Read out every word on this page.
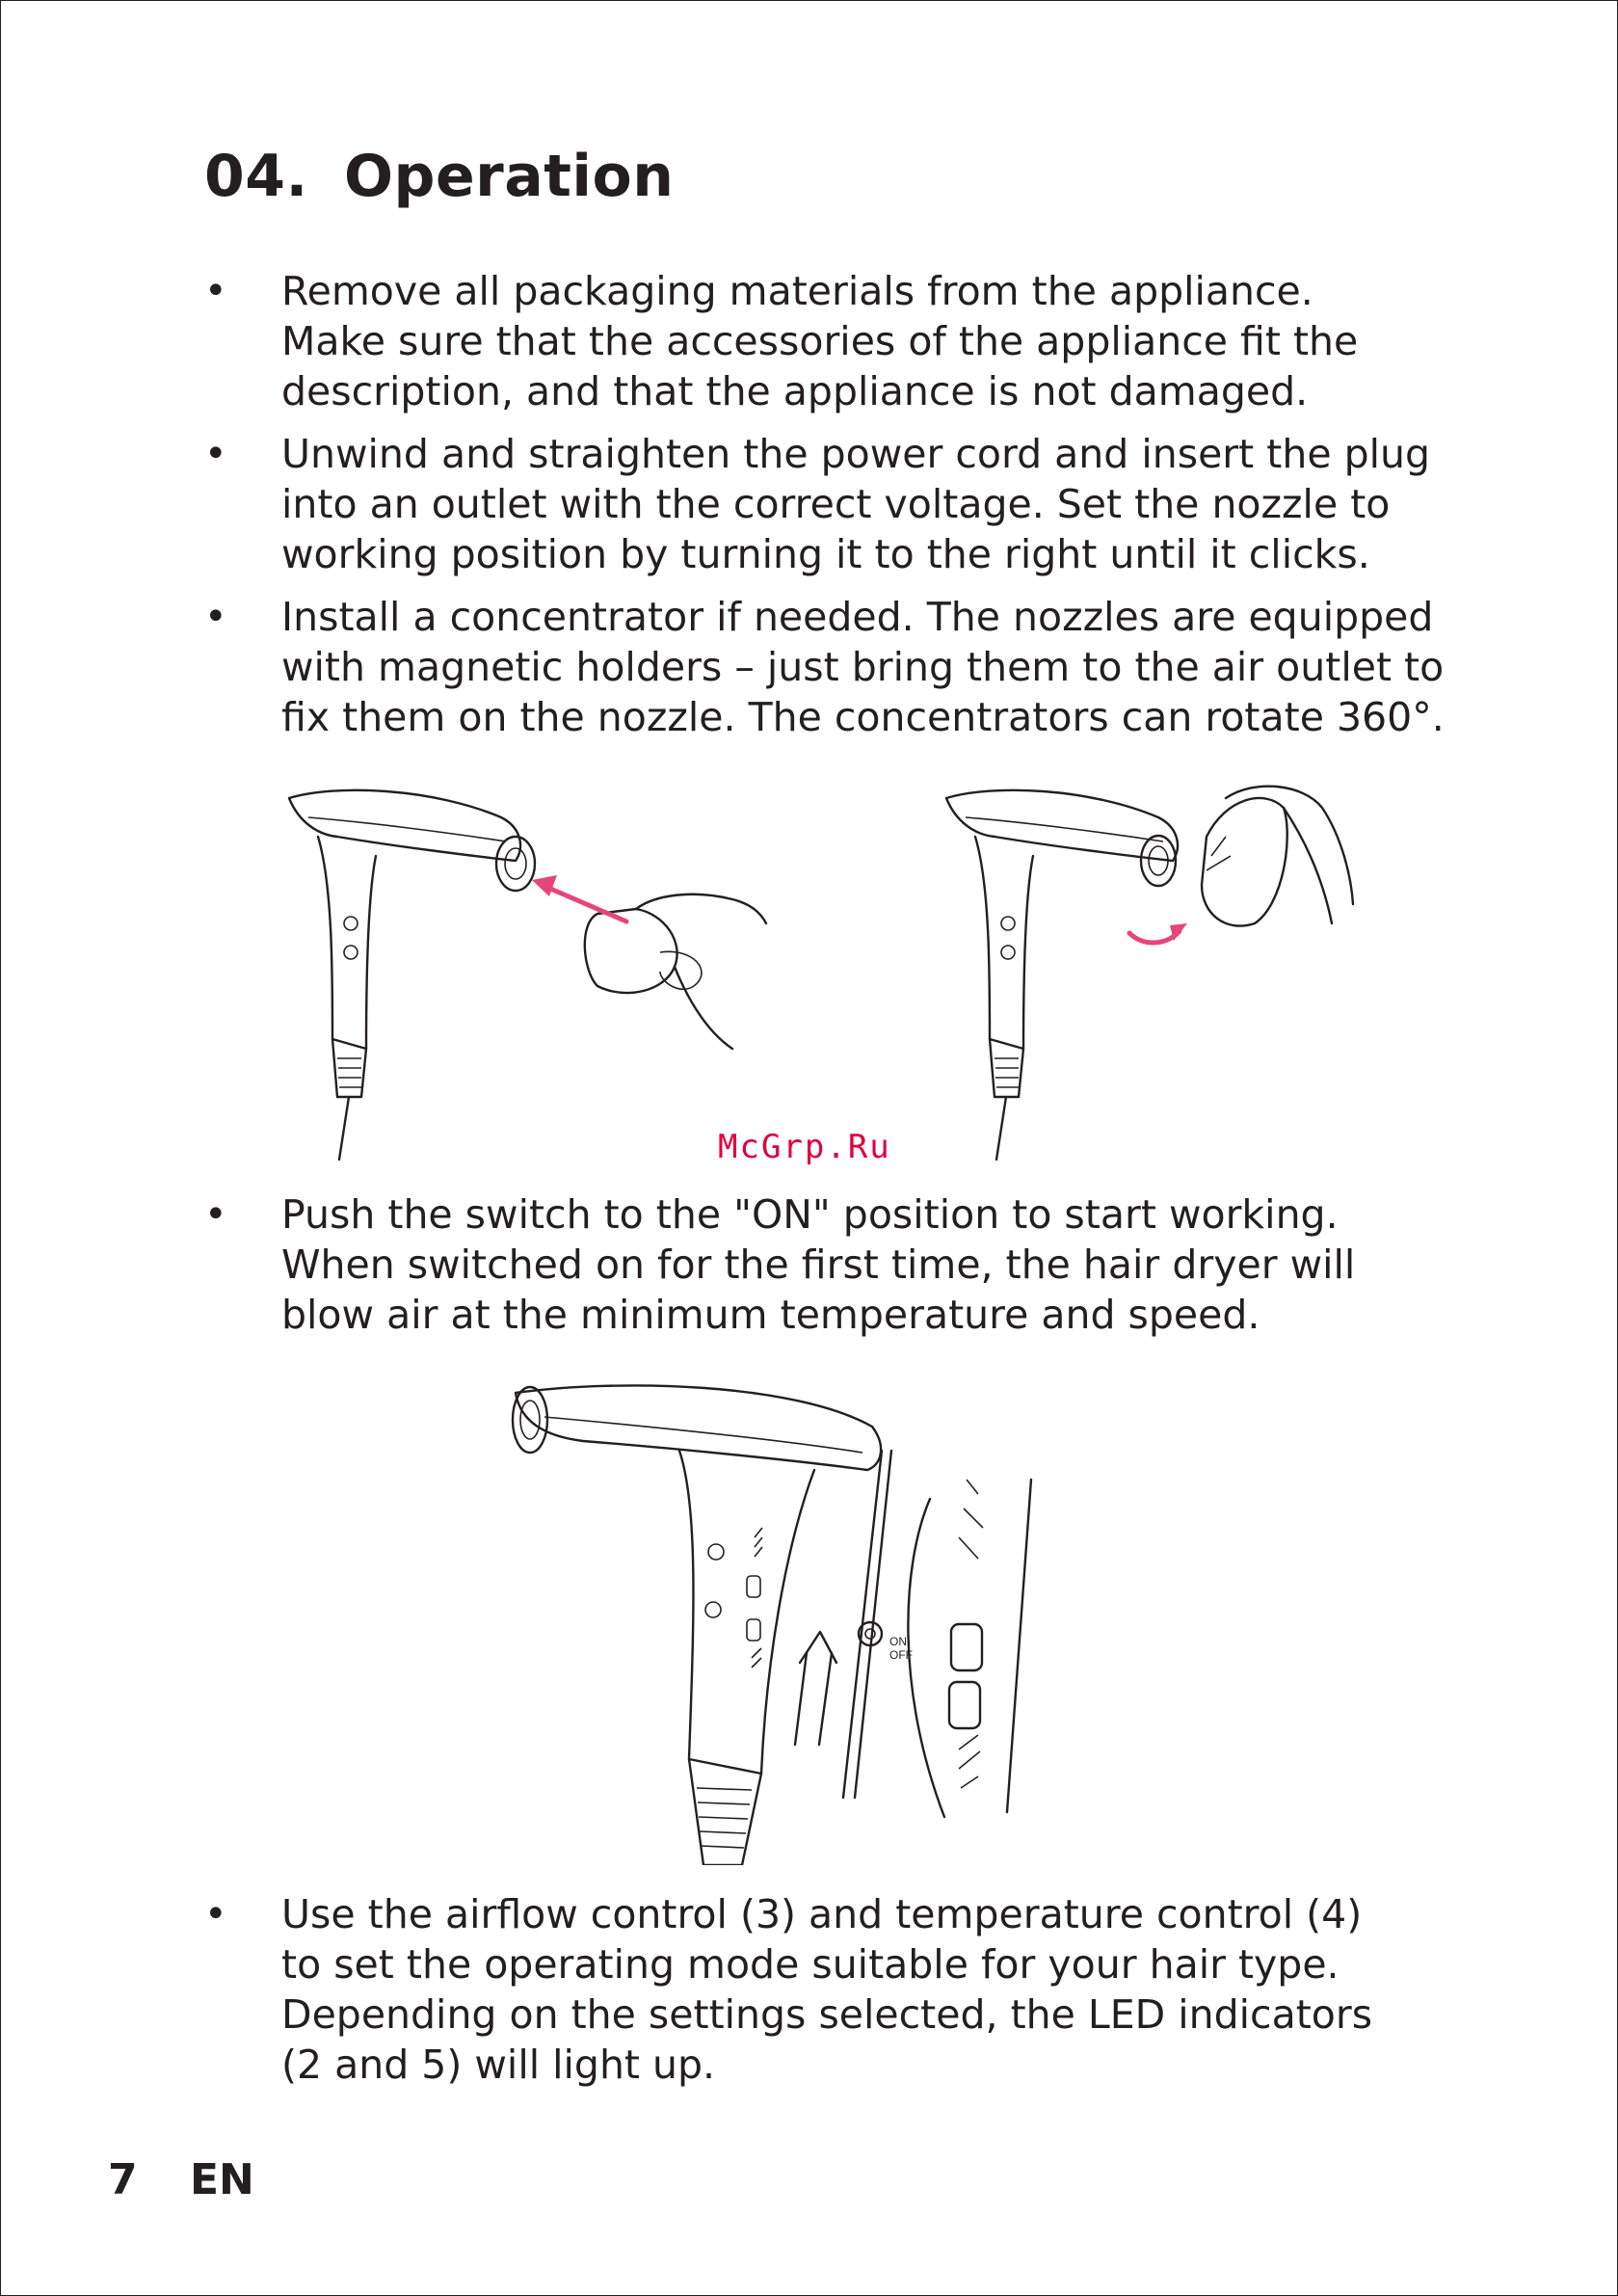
04. Operation
•	Remove all packaging materials from the appliance.
Make sure that the accessories of the appliance fit the
description, and that the appliance is not damaged.
•	Unwind and straighten the power cord and insert the plug
into an outlet with the correct voltage. Set the nozzle to
working position by turning it to the right until it clicks.
•	Install a concentrator if needed. The nozzles are equipped
with magnetic holders – just bring them to the air outlet to
fix them on the nozzle. The concentrators can rotate 360°.
McGrp.Ru
•	Push the switch to the "ON" position to start working.
When switched on for the first time, the hair dryer will
blow air at the minimum temperature and speed.
ON
OFF
•	Use the airflow control (3) and temperature control (4)
to set the operating mode suitable for your hair type.
Depending on the settings selected, the LED indicators
(2 and 5) will light up.
7 EN
